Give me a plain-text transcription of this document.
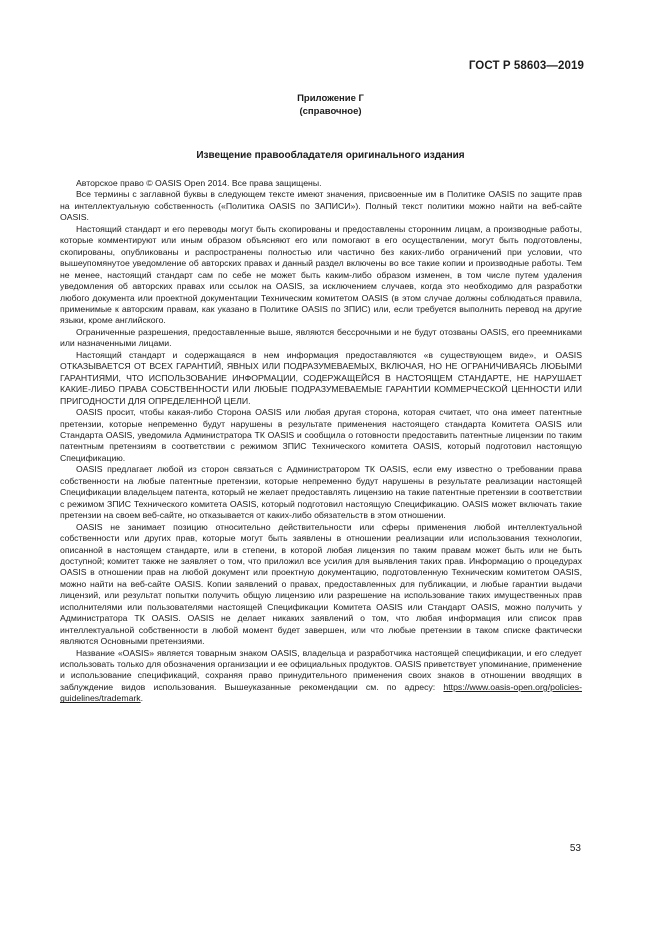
ГОСТ Р 58603—2019
Приложение Г
(справочное)
Извещение правообладателя оригинального издания

Авторское право © OASIS Open 2014. Все права защищены.

Все термины с заглавной буквы в следующем тексте имеют значения, присвоенные им в Политике OASIS по защите прав на интеллектуальную собственность («Политика OASIS по ЗАПИСИ»). Полный текст политики можно найти на веб-сайте OASIS.

Настоящий стандарт и его переводы могут быть скопированы и предоставлены сторонним лицам, а производные работы, которые комментируют или иным образом объясняют его или помогают в его осуществлении, могут быть подготовлены, скопированы, опубликованы и распространены полностью или частично без каких-либо ограничений при условии, что вышеупомянутое уведомление об авторских правах и данный раздел включены во все такие копии и производные работы. Тем не менее, настоящий стандарт сам по себе не может быть каким-либо образом изменен, в том числе путем удаления уведомления об авторских правах или ссылок на OASIS, за исключением случаев, когда это необходимо для разработки любого документа или проектной документации Техническим комитетом OASIS (в этом случае должны соблюдаться правила, применимые к авторским правам, как указано в Политике OASIS по ЗПИС) или, если требуется выполнить перевод на другие языки, кроме английского.

Ограниченные разрешения, предоставленные выше, являются бессрочными и не будут отозваны OASIS, его преемниками или назначенными лицами.

Настоящий стандарт и содержащаяся в нем информация предоставляются «в существующем виде», и OASIS ОТКАЗЫВАЕТСЯ ОТ ВСЕХ ГАРАНТИЙ, ЯВНЫХ ИЛИ ПОДРАЗУМЕВАЕМЫХ, ВКЛЮЧАЯ, НО НЕ ОГРАНИЧИВАЯСЬ ЛЮБЫМИ ГАРАНТИЯМИ, ЧТО ИСПОЛЬЗОВАНИЕ ИНФОРМАЦИИ, СОДЕРЖАЩЕЙСЯ В НАСТОЯЩЕМ СТАНДАРТЕ, НЕ НАРУШАЕТ КАКИЕ-ЛИБО ПРАВА СОБСТВЕННОСТИ ИЛИ ЛЮБЫЕ ПОДРАЗУМЕВАЕМЫЕ ГАРАНТИИ КОММЕРЧЕСКОЙ ЦЕННОСТИ ИЛИ ПРИГОДНОСТИ ДЛЯ ОПРЕДЕЛЕННОЙ ЦЕЛИ.

OASIS просит, чтобы какая-либо Сторона OASIS или любая другая сторона, которая считает, что она имеет патентные претензии, которые непременно будут нарушены в результате применения настоящего стандарта Комитета OASIS или Стандарта OASIS, уведомила Администратора ТК OASIS и сообщила о готовности предоставить патентные лицензии по таким патентным претензиям в соответствии с режимом ЗПИС Технического комитета OASIS, который подготовил настоящую Спецификацию.

OASIS предлагает любой из сторон связаться с Администратором ТК OASIS, если ему известно о требовании права собственности на любые патентные претензии, которые непременно будут нарушены в результате реализации настоящей Спецификации владельцем патента, который не желает предоставлять лицензию на такие патентные претензии в соответствии с режимом ЗПИС Технического комитета OASIS, который подготовил настоящую Спецификацию. OASIS может включать такие претензии на своем веб-сайте, но отказывается от каких-либо обязательств в этом отношении.

OASIS не занимает позицию относительно действительности или сферы применения любой интеллектуальной собственности или других прав, которые могут быть заявлены в отношении реализации или использования технологии, описанной в настоящем стандарте, или в степени, в которой любая лицензия по таким правам может быть или не быть доступной; комитет также не заявляет о том, что приложил все усилия для выявления таких прав. Информацию о процедурах OASIS в отношении прав на любой документ или проектную документацию, подготовленную Техническим комитетом OASIS, можно найти на веб-сайте OASIS. Копии заявлений о правах, предоставленных для публикации, и любые гарантии выдачи лицензий, или результат попытки получить общую лицензию или разрешение на использование таких имущественных прав исполнителями или пользователями настоящей Спецификации Комитета OASIS или Стандарт OASIS, можно получить у Администратора ТК OASIS. OASIS не делает никаких заявлений о том, что любая информация или список прав интеллектуальной собственности в любой момент будет завершен, или что любые претензии в таком списке фактически являются Основными претензиями.

Название «OASIS» является товарным знаком OASIS, владельца и разработчика настоящей спецификации, и его следует использовать только для обозначения организации и ее официальных продуктов. OASIS приветствует упоминание, применение и использование спецификаций, сохраняя право принудительного применения своих знаков в отношении вводящих в заблуждение видов использования. Вышеуказанные рекомендации см. по адресу: https://www.oasis-open.org/policies-guidelines/trademark.

53
